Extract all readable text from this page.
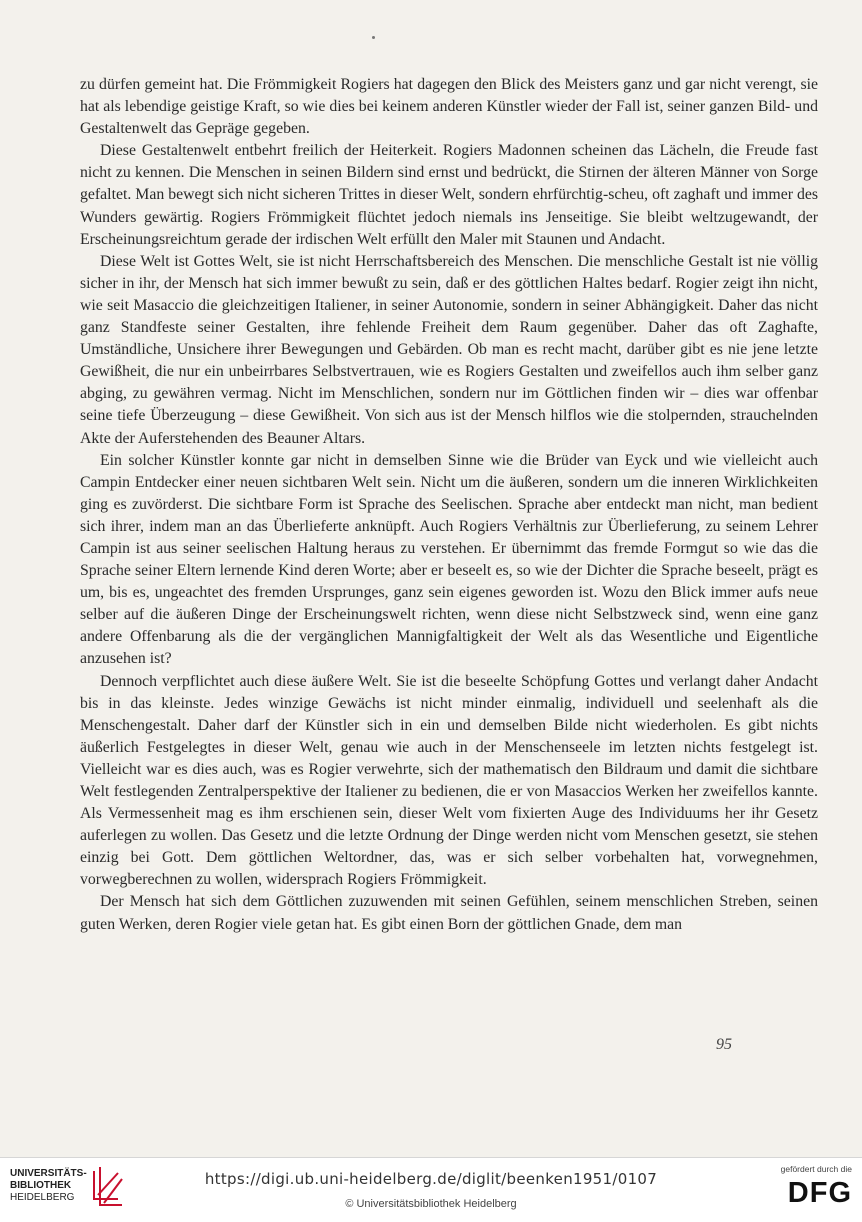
zu dürfen gemeint hat. Die Frömmigkeit Rogiers hat dagegen den Blick des Meisters ganz und gar nicht verengt, sie hat als lebendige geistige Kraft, so wie dies bei keinem anderen Künstler wieder der Fall ist, seiner ganzen Bild- und Gestaltenwelt das Gepräge gegeben.

Diese Gestaltenwelt entbehrt freilich der Heiterkeit. Rogiers Madonnen scheinen das Lächeln, die Freude fast nicht zu kennen. Die Menschen in seinen Bildern sind ernst und bedrückt, die Stirnen der älteren Männer von Sorge gefaltet. Man bewegt sich nicht sicheren Trittes in dieser Welt, sondern ehrfürchtig-scheu, oft zaghaft und immer des Wunders gewärtig. Rogiers Frömmigkeit flüchtet jedoch niemals ins Jenseitige. Sie bleibt weltzugewandt, der Erscheinungsreichtum gerade der irdischen Welt erfüllt den Maler mit Staunen und Andacht.

Diese Welt ist Gottes Welt, sie ist nicht Herrschaftsbereich des Menschen. Die menschliche Gestalt ist nie völlig sicher in ihr, der Mensch hat sich immer bewußt zu sein, daß er des göttlichen Haltes bedarf. Rogier zeigt ihn nicht, wie seit Masaccio die gleichzeitigen Italiener, in seiner Autonomie, sondern in seiner Abhängigkeit. Daher das nicht ganz Standfeste seiner Gestalten, ihre fehlende Freiheit dem Raum gegenüber. Daher das oft Zaghafte, Umständliche, Unsichere ihrer Bewegungen und Gebärden. Ob man es recht macht, darüber gibt es nie jene letzte Gewißheit, die nur ein unbeirrbares Selbstvertrauen, wie es Rogiers Gestalten und zweifellos auch ihm selber ganz abging, zu gewähren vermag. Nicht im Menschlichen, sondern nur im Göttlichen finden wir – dies war offenbar seine tiefe Überzeugung – diese Gewißheit. Von sich aus ist der Mensch hilflos wie die stolpernden, strauchelnden Akte der Auferstehenden des Beauner Altars.

Ein solcher Künstler konnte gar nicht in demselben Sinne wie die Brüder van Eyck und wie vielleicht auch Campin Entdecker einer neuen sichtbaren Welt sein. Nicht um die äußeren, sondern um die inneren Wirklichkeiten ging es zuvörderst. Die sichtbare Form ist Sprache des Seelischen. Sprache aber entdeckt man nicht, man bedient sich ihrer, indem man an das Überlieferte anknüpft. Auch Rogiers Verhältnis zur Überlieferung, zu seinem Lehrer Campin ist aus seiner seelischen Haltung heraus zu verstehen. Er übernimmt das fremde Formgut so wie das die Sprache seiner Eltern lernende Kind deren Worte; aber er beseelt es, so wie der Dichter die Sprache beseelt, prägt es um, bis es, ungeachtet des fremden Ursprunges, ganz sein eigenes geworden ist. Wozu den Blick immer aufs neue selber auf die äußeren Dinge der Erscheinungswelt richten, wenn diese nicht Selbstzweck sind, wenn eine ganz andere Offenbarung als die der vergänglichen Mannigfaltigkeit der Welt als das Wesentliche und Eigentliche anzusehen ist?

Dennoch verpflichtet auch diese äußere Welt. Sie ist die beseelte Schöpfung Gottes und verlangt daher Andacht bis in das kleinste. Jedes winzige Gewächs ist nicht minder einmalig, individuell und seelenhaft als die Menschengestalt. Daher darf der Künstler sich in ein und demselben Bilde nicht wiederholen. Es gibt nichts äußerlich Festgelegtes in dieser Welt, genau wie auch in der Menschenseele im letzten nichts festgelegt ist. Vielleicht war es dies auch, was es Rogier verwehrte, sich der mathematisch den Bildraum und damit die sichtbare Welt festlegenden Zentralperspektive der Italiener zu bedienen, die er von Masaccios Werken her zweifellos kannte. Als Vermessenheit mag es ihm erschienen sein, dieser Welt vom fixierten Auge des Individuums her ihr Gesetz auferlegen zu wollen. Das Gesetz und die letzte Ordnung der Dinge werden nicht vom Menschen gesetzt, sie stehen einzig bei Gott. Dem göttlichen Weltordner, das, was er sich selber vorbehalten hat, vorwegnehmen, vorwegberechnen zu wollen, widersprach Rogiers Frömmigkeit.

Der Mensch hat sich dem Göttlichen zuzuwenden mit seinen Gefühlen, seinem menschlichen Streben, seinen guten Werken, deren Rogier viele getan hat. Es gibt einen Born der göttlichen Gnade, dem man

95
UNIVERSITÄTS-
BIBLIOTHEK
HEIDELBERG
https://digi.ub.uni-heidelberg.de/diglit/beenken1951/0107
© Universitätsbibliothek Heidelberg
gefördert durch die
DFG
